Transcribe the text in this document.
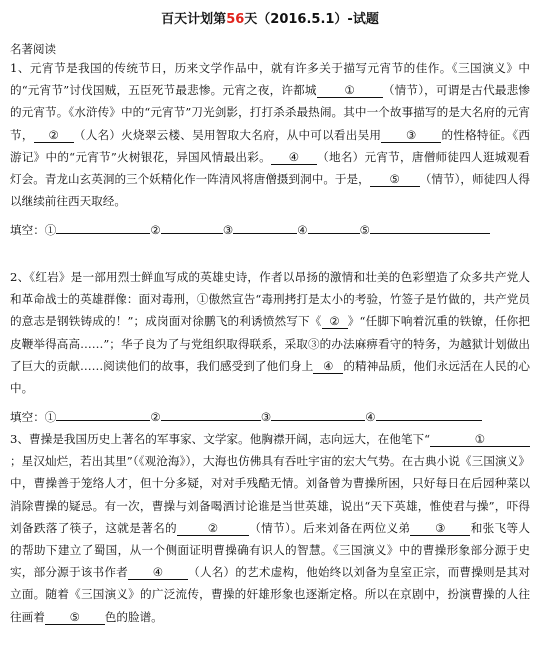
百天计划第56天（2016.5.1）-试题
名著阅读

1、元宵节是我国的传统节日，历来文学作品中，就有许多关于描写元宵节的佳作。《三国演义》中的“元宵节”讨伐国贼，五臣死节最悲惨。元宵之夜，许都城 ① （情节），可谓是古代最悲惨的元宵节。《水浒传》中的“元宵节”刀光剑影，打打杀杀最热闹。其中一个故事描写的是大名府的元宵节， ② （人名）火烧翠云楼、吴用智取大名府，从中可以看出吴用 ③ 的性格特征。《西游记》中的“元宵节”火树银花，异国风情最出彩。 ④ （地名）元宵节，唐僧师徒四人逛城观看灯会。青龙山玄英洞的三个妖精化作一阵清风将唐僧摄到洞中。于是， ⑤ （情节），师徒四人得以继续前往西天取经。

填空：①	②	③	④	⑤

2、《红岩》是一部用烈士鲜血写成的英雄史诗，作者以昂扬的激情和壮美的色彩塑造了众多共产党人和革命战士的英雄群像：面对毒刑，①傲然宣告“毒刑拷打是太小的考验，竹签子是竹做的，共产党员的意志是钢铁铸成的！”；成岗面对徐鹏飞的利诱愤然写下《 ② 》“任脚下响着沉重的铁镣，任你把皮鞭举得高高……”；华子良为了与党组织取得联系，采取③的办法麻痹看守的特务，为越狱计划做出了巨大的贡献……阅读他们的故事，我们感受到了他们身上 ④ 的精神品质，他们永远活在人民的心中。

填空：①	②	③	④

3、曹操是我国历史上著名的军事家、文学家。他胸襟开阔，志向远大，在他笔下“	①；星汉灿烂，若出其里”（《观沧海》），大海也仿佛具有吞吐宇宙的宏大气势。在古典小说《三国演义》中，曹操善于笼络人才，但十分多疑，对对手残酷无情。刘备曾为曹操所困，只好每日在后园种菜以消除曹操的疑忌。有一次，曹操与刘备喝酒讨论谁是当世英雄，说出“天下英雄，惟使君与操”，吓得刘备跌落了筷子，这就是著名的	②	（情节）。后来刘备在两位义弟 ③ 和张飞等人的帮助下建立了蜀国，从一个侧面证明曹操确有识人的智慧。《三国演义》中的曹操形象部分源于史实，部分源于该书作者 ④ （人名）的艺术虚构，他始终以刘备为皇室正宗，而曹操则是其对立面。随着《三国演义》的广泛流传，曹操的奸雄形象也逐渐定格。所以在京剧中，扮演曹操的人往往画着 ⑤ 色的脸谱。
